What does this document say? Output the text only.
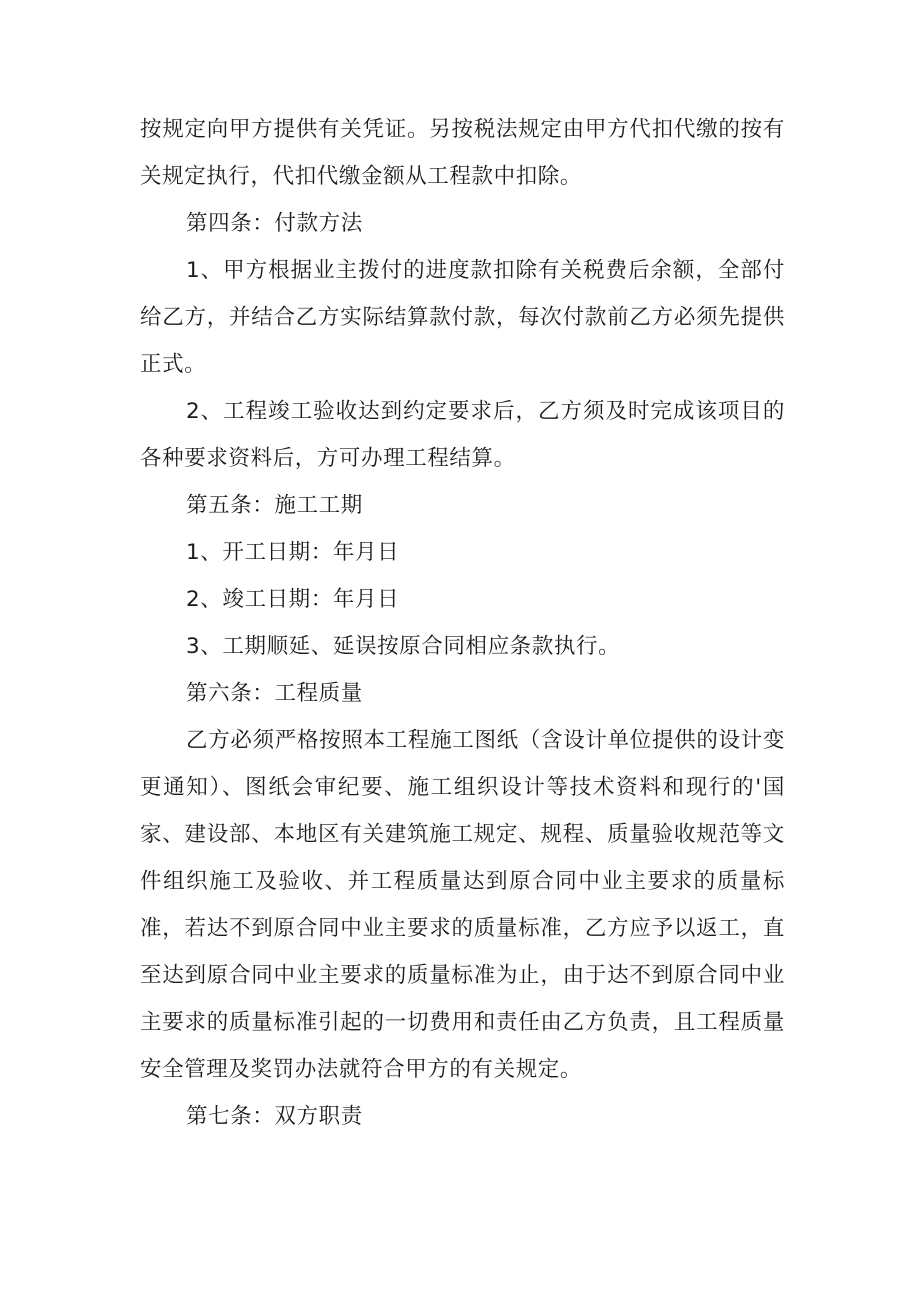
按规定向甲方提供有关凭证。另按税法规定由甲方代扣代缴的按有关规定执行，代扣代缴金额从工程款中扣除。

第四条：付款方法

1、甲方根据业主拨付的进度款扣除有关税费后余额，全部付给乙方，并结合乙方实际结算款付款，每次付款前乙方必须先提供正式。

2、工程竣工验收达到约定要求后，乙方须及时完成该项目的各种要求资料后，方可办理工程结算。

第五条：施工工期

1、开工日期：年月日

2、竣工日期：年月日

3、工期顺延、延误按原合同相应条款执行。

第六条：工程质量

乙方必须严格按照本工程施工图纸（含设计单位提供的设计变更通知）、图纸会审纪要、施工组织设计等技术资料和现行的'国家、建设部、本地区有关建筑施工规定、规程、质量验收规范等文件组织施工及验收、并工程质量达到原合同中业主要求的质量标准，若达不到原合同中业主要求的质量标准，乙方应予以返工，直至达到原合同中业主要求的质量标准为止，由于达不到原合同中业主要求的质量标准引起的一切费用和责任由乙方负责，且工程质量安全管理及奖罚办法就符合甲方的有关规定。

第七条：双方职责
